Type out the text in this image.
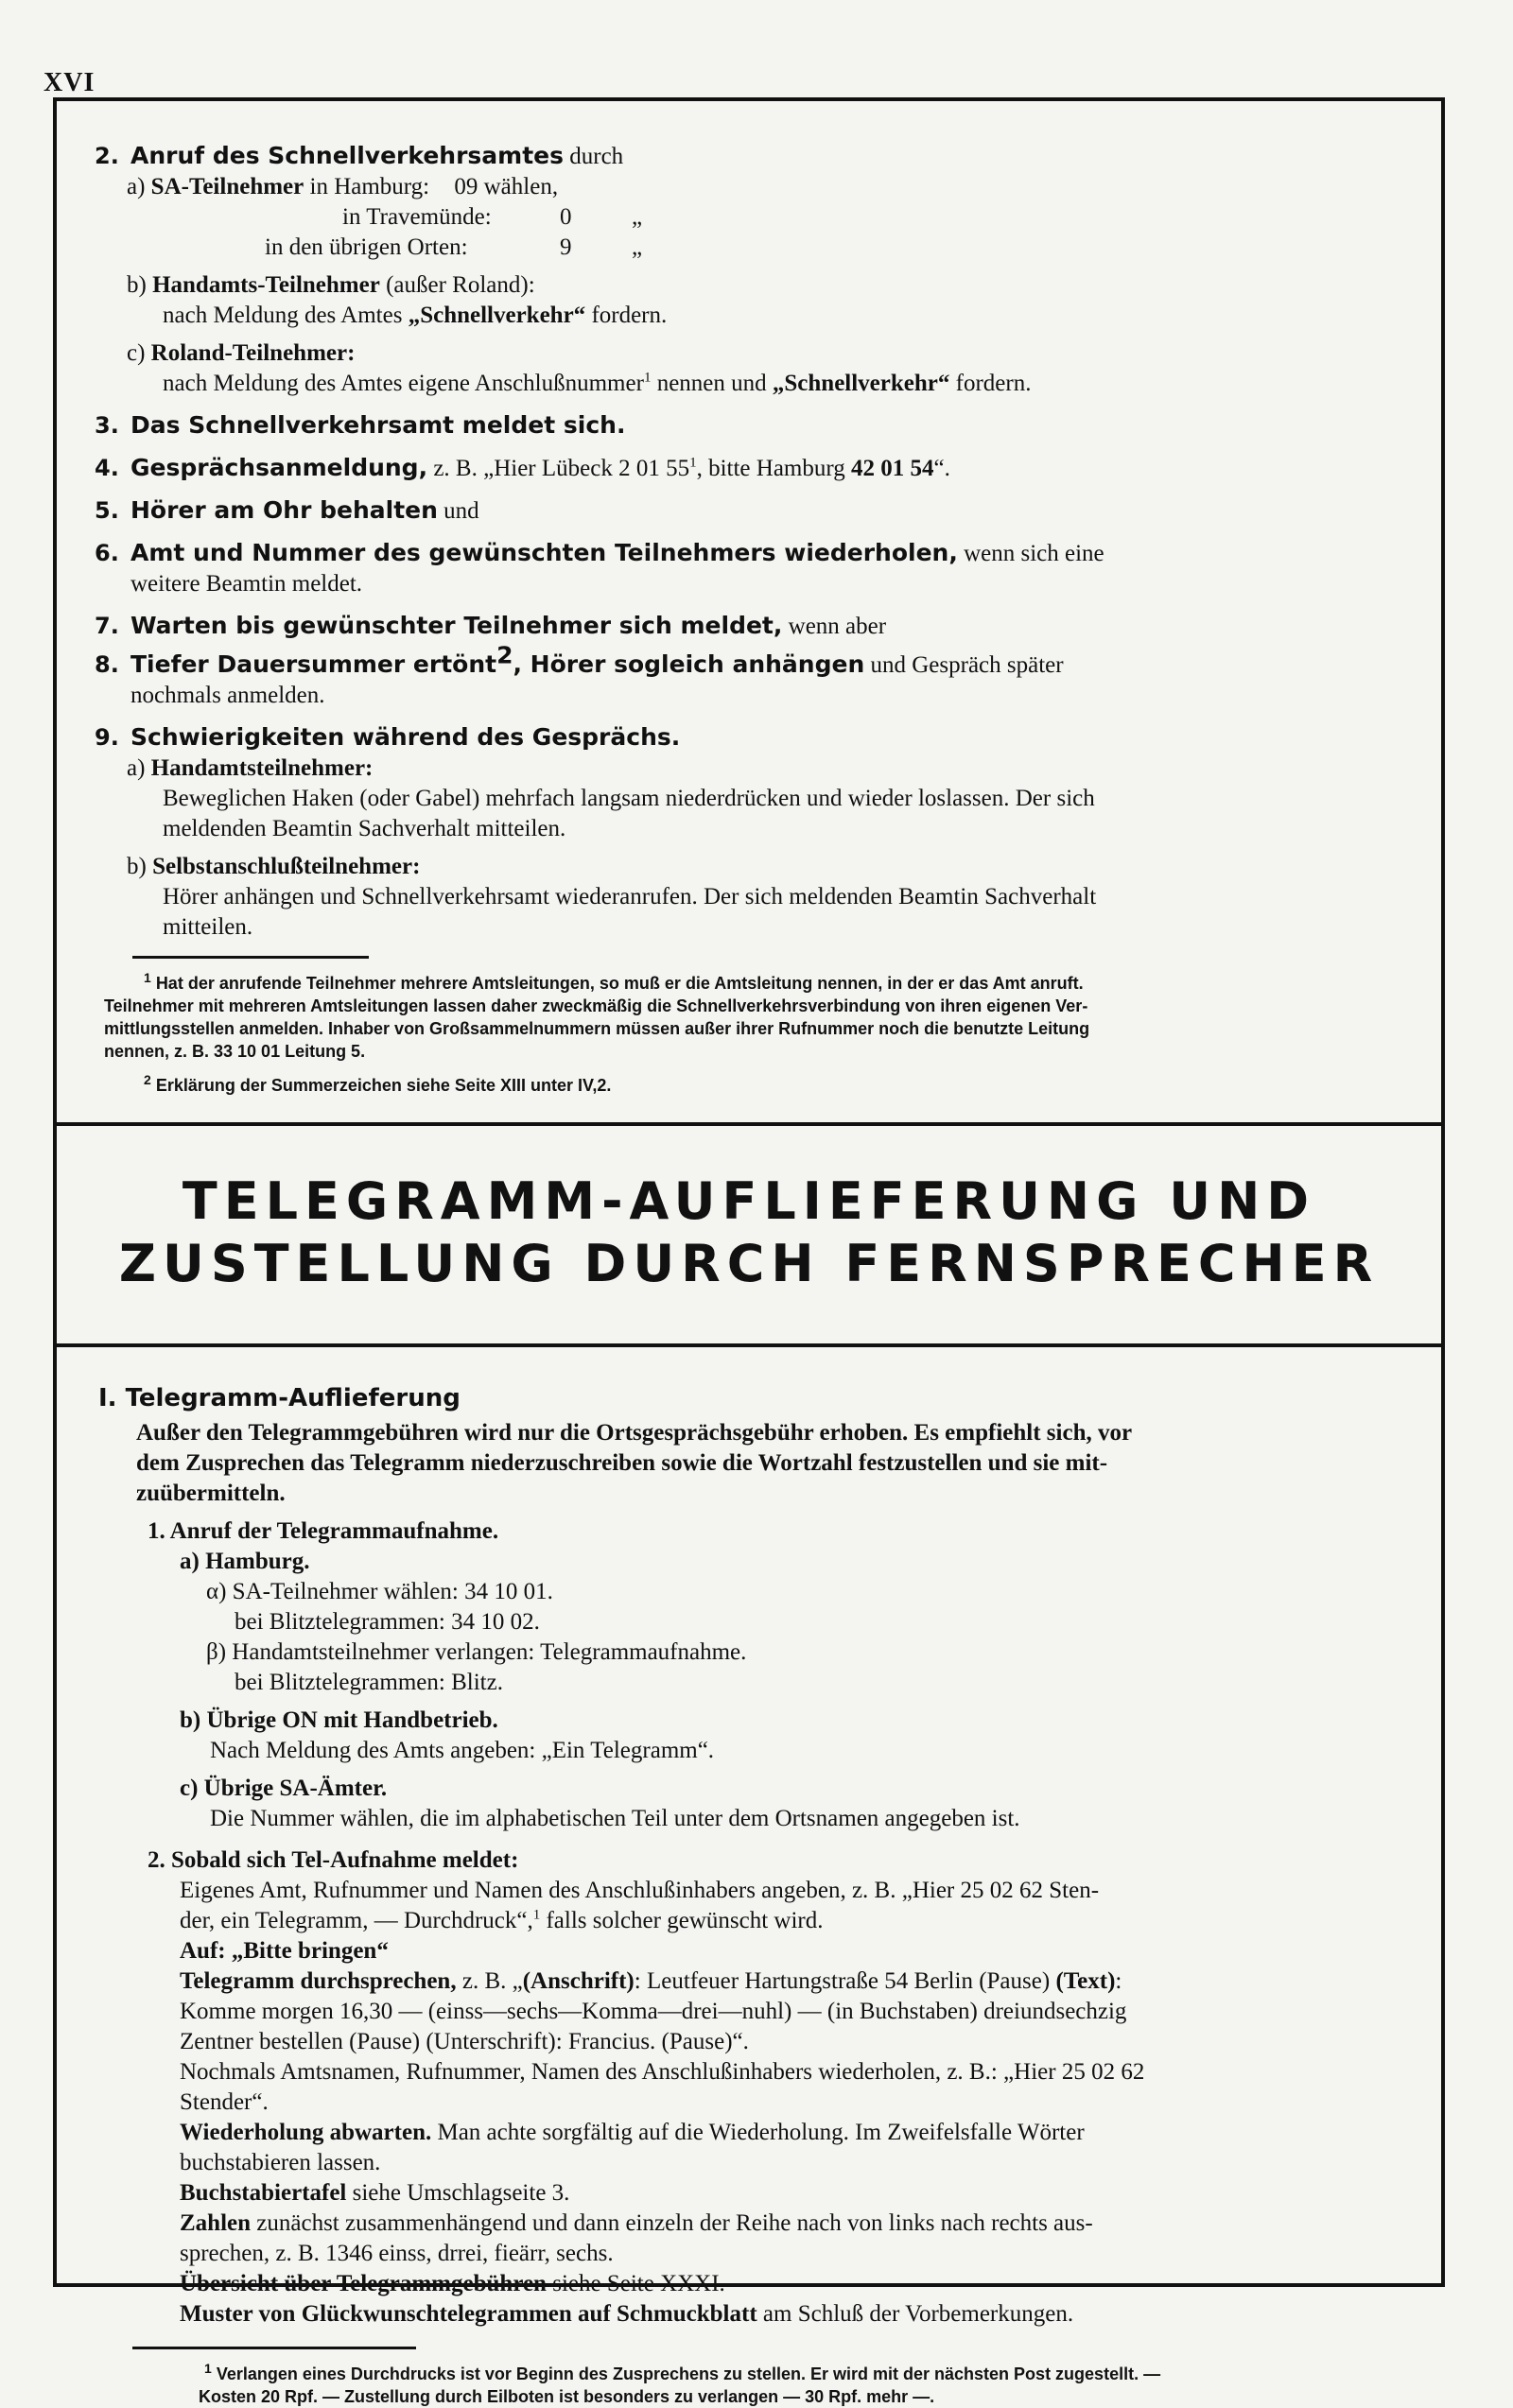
XVI
2. Anruf des Schnellverkehrsamtes durch
a) SA-Teilnehmer in Hamburg: 09 wählen,
in Travemünde:	0	„
in den übrigen Orten:	9	„
b) Handamts-Teilnehmer (außer Roland):
nach Meldung des Amtes „Schnellverkehr“ fordern.
c) Roland-Teilnehmer:
nach Meldung des Amtes eigene Anschlußnummer$^1$ nennen und „Schnellverkehr“ fordern.
3. Das Schnellverkehrsamt meldet sich.
4. Gesprächsanmeldung, z. B. „Hier Lübeck 2 01 $55^1$, bitte Hamburg 42 01 54“.
5. Hörer am Ohr behalten und
6. Amt und Nummer des gewünschten Teilnehmers wiederholen, wenn sich eine
weitere Beamtin meldet.
7. Warten bis gewünschter Teilnehmer sich meldet, wenn aber
8. Tiefer Dauersummer ertönt$^2$, Hörer sogleich anhängen und Gespräch später
nochmals anmelden.
9. Schwierigkeiten während des Gesprächs.
a) Handamtsteilnehmer:
Beweglichen Haken (oder Gabel) mehrfach langsam niederdrücken und wieder loslassen. Der sich
meldenden Beamtin Sachverhalt mitteilen.
b) Selbstanschlußteilnehmer:
Hörer anhängen und Schnellverkehrsamt wiederanrufen. Der sich meldenden Beamtin Sachverhalt
mitteilen.
$^1$ Hat der anrufende Teilnehmer mehrere Amtsleitungen, so muß er die Amtsleitung nennen, in der er das Amt anruft.
Teilnehmer mit mehreren Amtsleitungen lassen daher zweckmäßig die Schnellverkehrsverbindung von ihren eigenen Ver-
mittlungsstellen anmelden. Inhaber von Großsammelnummern müssen außer ihrer Rufnummer noch die benutzte Leitung
nennen, z. B. 33 10 01 Leitung 5.
$^2$ Erklärung der Summerzeichen siehe Seite XIII unter IV,2.
TELEGRAMM-AUFLIEFERUNG UND
ZUSTELLUNG DURCH FERNSPRECHER
I. Telegramm-Auflieferung
Außer den Telegrammgebühren wird nur die Ortsgesprächsgebühr erhoben. Es empfiehlt sich, vor
dem Zusprechen das Telegramm niederzuschreiben sowie die Wortzahl festzustellen und sie mit-
zuübermitteln.
1. Anruf der Telegrammaufnahme.
a) Hamburg.
α) SA-Teilnehmer wählen: 34 10 01.
bei Blitztelegrammen: 34 10 02.
β) Handamtsteilnehmer verlangen: Telegrammaufnahme.
bei Blitztelegrammen: Blitz.
b) Übrige ON mit Handbetrieb.
Nach Meldung des Amts angeben: „Ein Telegramm“.
c) Übrige SA-Ämter.
Die Nummer wählen, die im alphabetischen Teil unter dem Ortsnamen angegeben ist.
2. Sobald sich Tel-Aufnahme meldet:
Eigenes Amt, Rufnummer und Namen des Anschlußinhabers angeben, z. B. „Hier 25 02 62 Sten-
der, ein Telegramm, — Durchdruck“,$^1$ falls solcher gewünscht wird.
Auf: „Bitte bringen“
Telegramm durchsprechen, z. B. „(Anschrift): Leutfeuer Hartungstraße 54 Berlin (Pause) (Text):
Komme morgen 16,30 — (einss—sechs—Komma—drei—nuhl) — (in Buchstaben) dreiundsechzig
Zentner bestellen (Pause) (Unterschrift): Francius. (Pause)“.
Nochmals Amtsnamen, Rufnummer, Namen des Anschlußinhabers wiederholen, z. B.: „Hier 25 02 62
Stender“.
Wiederholung abwarten. Man achte sorgfältig auf die Wiederholung. Im Zweifelsfalle Wörter
buchstabieren lassen.
Buchstabiertafel siehe Umschlagseite 3.
Zahlen zunächst zusammenhängend und dann einzeln der Reihe nach von links nach rechts aus-
sprechen, z. B. 1346 einss, drrei, fieärr, sechs.
Übersicht über Telegrammgebühren siehe Seite XXXI.
Muster von Glückwunschtelegrammen auf Schmuckblatt am Schluß der Vorbemerkungen.
$^1$ Verlangen eines Durchdrucks ist vor Beginn des Zusprechens zu stellen. Er wird mit der nächsten Post zugestellt. —
Kosten 20 Rpf. — Zustellung durch Eilboten ist besonders zu verlangen — 30 Rpf. mehr —.
